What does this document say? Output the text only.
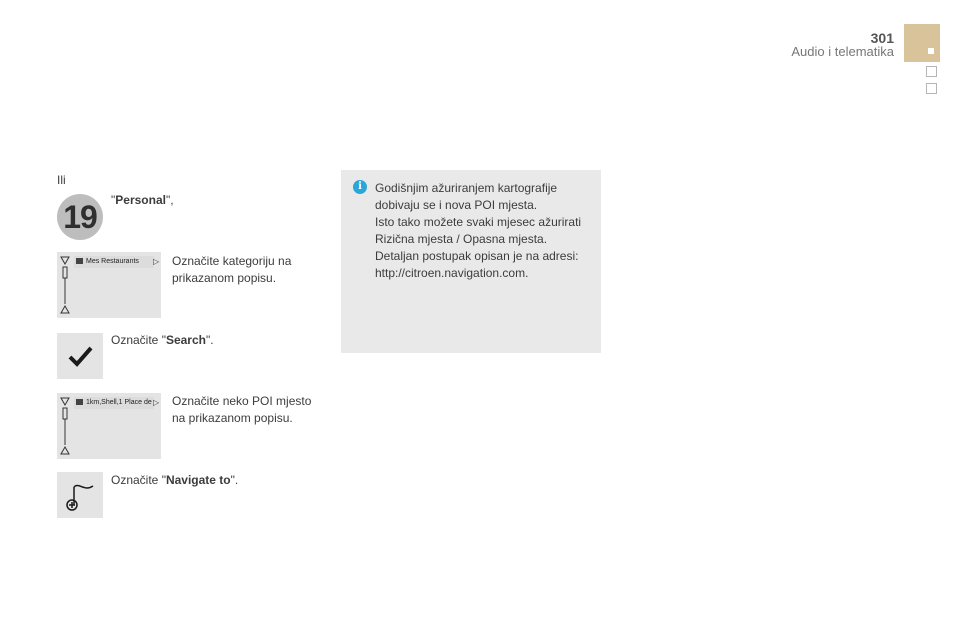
301
Audio i telematika
Ili
19	"Personal",
Mes Restaurants	▷ Označite kategoriju na
prikazanom popisu.
Označite "Search".
1km,Shell,1 Place de ▷ Označite neko POI mjesto
na prikazanom popisu.
Označite "Navigate to".
i	Godišnjim ažuriranjem kartografije
dobivaju se i nova POI mjesta.
Isto tako možete svaki mjesec ažurirati
Rizična mjesta / Opasna mjesta.
Detaljan postupak opisan je na adresi:
http://citroen.navigation.com.
